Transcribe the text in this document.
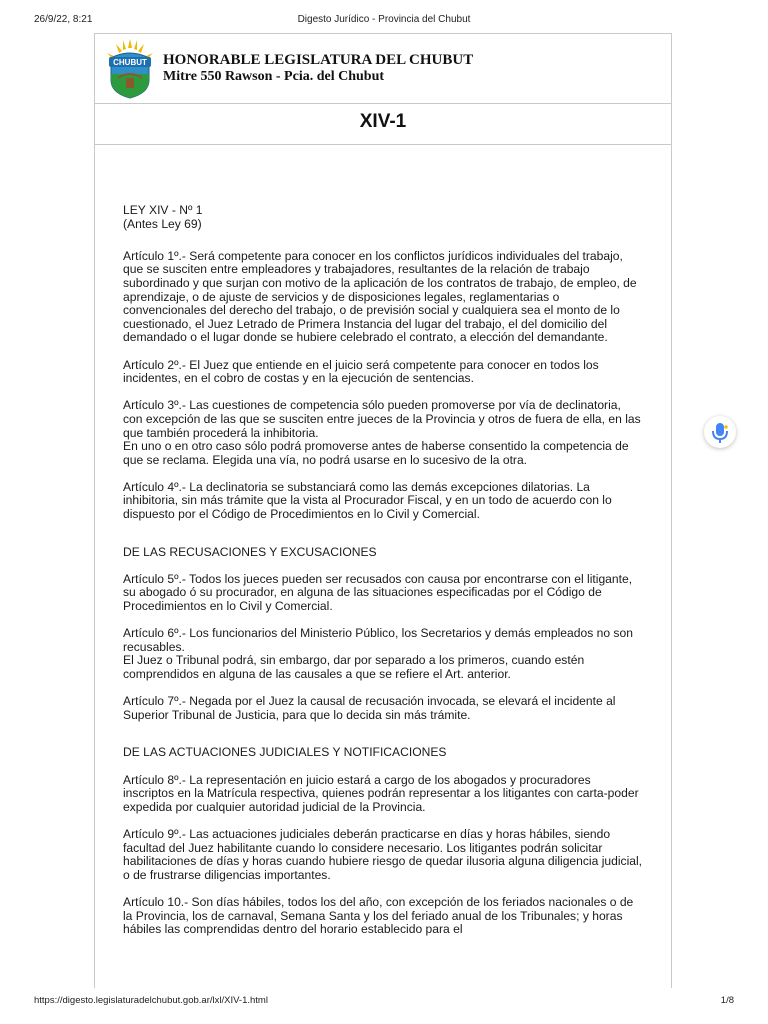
26/9/22, 8:21	Digesto Jurídico - Provincia del Chubut
CHUBUT HONORABLE LEGISLATURA DEL CHUBUT
Mitre 550 Rawson - Pcia. del Chubut
XIV-1

LEY XIV - Nº 1

(Antes Ley 69)

Artículo 1º.- Será competente para conocer en los conflictos jurídicos individuales del trabajo, que se susciten entre empleadores y trabajadores, resultantes de la relación de trabajo subordinado y que surjan con motivo de la aplicación de los contratos de trabajo, de empleo, de aprendizaje, o de ajuste de servicios y de disposiciones legales, reglamentarias o convencionales del derecho del trabajo, o de previsión social y cualquiera sea el monto de lo cuestionado, el Juez Letrado de Primera Instancia del lugar del trabajo, el del domicilio del demandado o el lugar donde se hubiere celebrado el contrato, a elección del demandante.

Artículo 2º.- El Juez que entiende en el juicio será competente para conocer en todos los incidentes, en el cobro de costas y en la ejecución de sentencias.

Artículo 3º.- Las cuestiones de competencia sólo pueden promoverse por vía de declinatoria, con excepción de las que se susciten entre jueces de la Provincia y otros de fuera de ella, en las que también procederá la inhibitoria.

En uno o en otro caso sólo podrá promoverse antes de haberse consentido la competencia de que se reclama. Elegida una vía, no podrá usarse en lo sucesivo de la otra.

Artículo 4º.- La declinatoria se substanciará como las demás excepciones dilatorias. La inhibitoria, sin más trámite que la vista al Procurador Fiscal, y en un todo de acuerdo con lo dispuesto por el Código de Procedimientos en lo Civil y Comercial.

DE LAS RECUSACIONES Y EXCUSACIONES

Artículo 5º.- Todos los jueces pueden ser recusados con causa por encontrarse con el litigante, su abogado ó su procurador, en alguna de las situaciones especificadas por el Código de Procedimientos en lo Civil y Comercial.

Artículo 6º.- Los funcionarios del Ministerio Público, los Secretarios y demás empleados no son recusables.

El Juez o Tribunal podrá, sin embargo, dar por separado a los primeros, cuando estén comprendidos en alguna de las causales a que se refiere el Art. anterior.

Artículo 7º.- Negada por el Juez la causal de recusación invocada, se elevará el incidente al Superior Tribunal de Justicia, para que lo decida sin más trámite.

DE LAS ACTUACIONES JUDICIALES Y NOTIFICACIONES

Artículo 8º.- La representación en juicio estará a cargo de los abogados y procuradores inscriptos en la Matrícula respectiva, quienes podrán representar a los litigantes con carta-poder expedida por cualquier autoridad judicial de la Provincia.

Artículo 9º.- Las actuaciones judiciales deberán practicarse en días y horas hábiles, siendo facultad del Juez habilitante cuando lo considere necesario. Los litigantes podrán solicitar habilitaciones de días y horas cuando hubiere riesgo de quedar ilusoria alguna diligencia judicial, o de frustrarse diligencias importantes.

Artículo 10.- Son días hábiles, todos los del año, con excepción de los feriados nacionales o de la Provincia, los de carnaval, Semana Santa y los del feriado anual de los Tribunales; y horas hábiles las comprendidas dentro del horario establecido para el

https://digesto.legislaturadelchubut.gob.ar/lxl/XIV-1.html	1/8
